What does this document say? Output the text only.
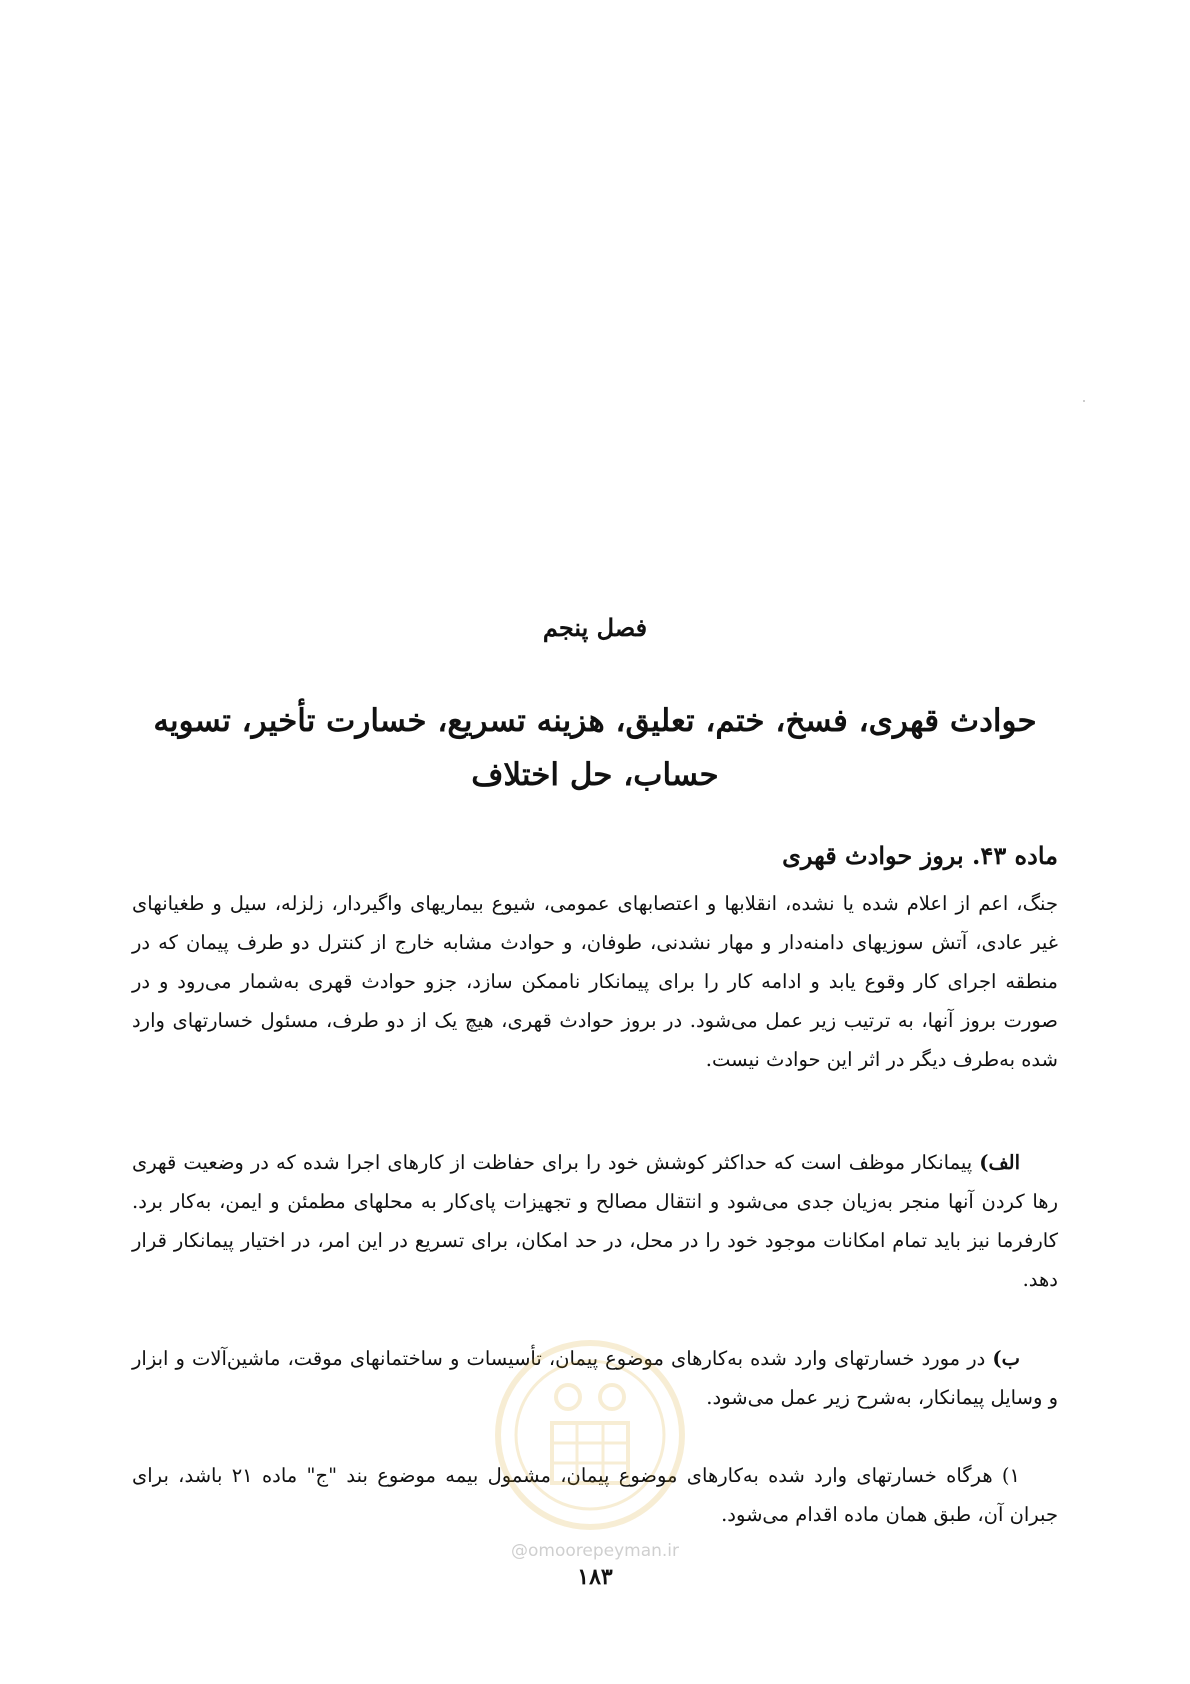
فصل پنجم
حوادث قهری، فسخ، ختم، تعلیق، هزینه تسریع، خسارت تأخیر، تسویه حساب، حل اختلاف
ماده ۴۳. بروز حوادث قهری

جنگ، اعم از اعلام شده یا نشده، انقلابها و اعتصابهای عمومی، شیوع بیماریهای واگیردار، زلزله، سیل و طغیانهای غیر عادی، آتش سوزیهای دامنه‌دار و مهار نشدنی، طوفان، و حوادث مشابه خارج از کنترل دو طرف پیمان که در منطقه اجرای کار وقوع یابد و ادامه کار را برای پیمانکار ناممکن سازد، جزو حوادث قهری به‌شمار می‌رود و در صورت بروز آنها، به ترتیب زیر عمل می‌شود. در بروز حوادث قهری، هیچ یک از دو طرف، مسئول خسارتهای وارد شده به‌طرف دیگر در اثر این حوادث نیست.

الف) پیمانکار موظف است که حداکثر کوشش خود را برای حفاظت از کارهای اجرا شده که در وضعیت قهری رها کردن آنها منجر به‌زیان جدی می‌شود و انتقال مصالح و تجهیزات پای‌کار به محلهای مطمئن و ایمن، به‌کار برد. کارفرما نیز باید تمام امکانات موجود خود را در محل، در حد امکان، برای تسریع در این امر، در اختیار پیمانکار قرار دهد.

ب) در مورد خسارتهای وارد شده به‌کارهای موضوع پیمان، تأسیسات و ساختمانهای موقت، ماشین‌آلات و ابزار و وسایل پیمانکار، به‌شرح زیر عمل می‌شود.

۱) هرگاه خسارتهای وارد شده به‌کارهای موضوع پیمان، مشمول بیمه موضوع بند "ج" ماده ۲۱ باشد، برای جبران آن، طبق همان ماده اقدام می‌شود.

@omoorepeyman.ir
۱۸۳
